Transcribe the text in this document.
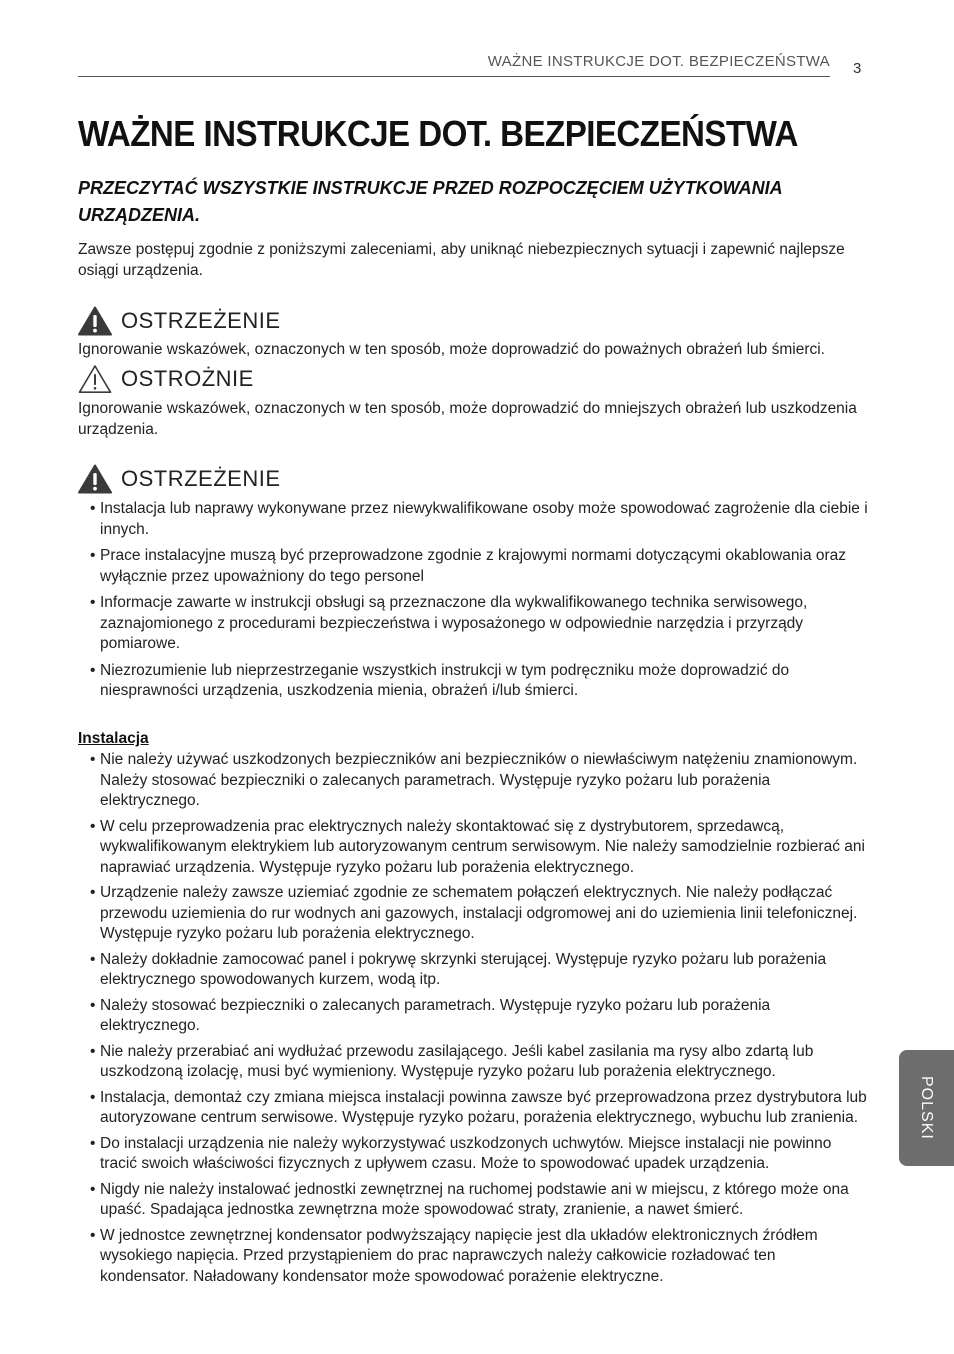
WAŻNE INSTRUKCJE DOT. BEZPIECZEŃSTWA 3
WAŻNE INSTRUKCJE DOT. BEZPIECZEŃSTWA

PRZECZYTAĆ WSZYSTKIE INSTRUKCJE PRZED ROZPOCZĘCIEM UŻYTKOWANIA URZĄDZENIA.

Zawsze postępuj zgodnie z poniższymi zaleceniami, aby uniknąć niebezpiecznych sytuacji i zapewnić najlepsze osiągi urządzenia.

OSTRZEŻENIE

Ignorowanie wskazówek, oznaczonych w ten sposób, może doprowadzić do poważnych obrażeń lub śmierci.

OSTROŻNIE

Ignorowanie wskazówek, oznaczonych w ten sposób, może doprowadzić do mniejszych obrażeń lub uszkodzenia urządzenia.

OSTRZEŻENIE
• Instalacja lub naprawy wykonywane przez niewykwalifikowane osoby może spowodować zagrożenie dla ciebie i innych.
• Prace instalacyjne muszą być przeprowadzone zgodnie z krajowymi normami dotyczącymi okablowania oraz wyłącznie przez upoważniony do tego personel
• Informacje zawarte w instrukcji obsługi są przeznaczone dla wykwalifikowanego technika serwisowego, zaznajomionego z procedurami bezpieczeństwa i wyposażonego w odpowiednie narzędzia i przyrządy pomiarowe.
• Niezrozumienie lub nieprzestrzeganie wszystkich instrukcji w tym podręczniku może doprowadzić do niesprawności urządzenia, uszkodzenia mienia, obrażeń i/lub śmierci.

Instalacja

• Nie należy używać uszkodzonych bezpieczników ani bezpieczników o niewłaściwym natężeniu znamionowym. Należy stosować bezpieczniki o zalecanych parametrach. Występuje ryzyko pożaru lub porażenia elektrycznego.
• W celu przeprowadzenia prac elektrycznych należy skontaktować się z dystrybutorem, sprzedawcą, wykwalifikowanym elektrykiem lub autoryzowanym centrum serwisowym. Nie należy samodzielnie rozbierać ani naprawiać urządzenia. Występuje ryzyko pożaru lub porażenia elektrycznego.
• Urządzenie należy zawsze uziemiać zgodnie ze schematem połączeń elektrycznych. Nie należy podłączać przewodu uziemienia do rur wodnych ani gazowych, instalacji odgromowej ani do uziemienia linii telefonicznej. Występuje ryzyko pożaru lub porażenia elektrycznego.
• Należy dokładnie zamocować panel i pokrywę skrzynki sterującej. Występuje ryzyko pożaru lub porażenia elektrycznego spowodowanych kurzem, wodą itp.
• Należy stosować bezpieczniki o zalecanych parametrach. Występuje ryzyko pożaru lub porażenia elektrycznego.
• Nie należy przerabiać ani wydłużać przewodu zasilającego. Jeśli kabel zasilania ma rysy albo zdartą lub uszkodzoną izolację, musi być wymieniony. Występuje ryzyko pożaru lub porażenia elektrycznego.
• Instalacja, demontaż czy zmiana miejsca instalacji powinna zawsze być przeprowadzona przez dystrybutora lub autoryzowane centrum serwisowe. Występuje ryzyko pożaru, porażenia elektrycznego, wybuchu lub zranienia.
• Do instalacji urządzenia nie należy wykorzystywać uszkodzonych uchwytów. Miejsce instalacji nie powinno tracić swoich właściwości fizycznych z upływem czasu. Może to spowodować upadek urządzenia.
• Nigdy nie należy instalować jednostki zewnętrznej na ruchomej podstawie ani w miejscu, z którego może ona upaść. Spadająca jednostka zewnętrzna może spowodować straty, zranienie, a nawet śmierć.
• W jednostce zewnętrznej kondensator podwyższający napięcie jest dla układów elektronicznych źródłem wysokiego napięcia. Przed przystąpieniem do prac naprawczych należy całkowicie rozładować ten kondensator. Naładowany kondensator może spowodować porażenie elektryczne.
POLSKI
